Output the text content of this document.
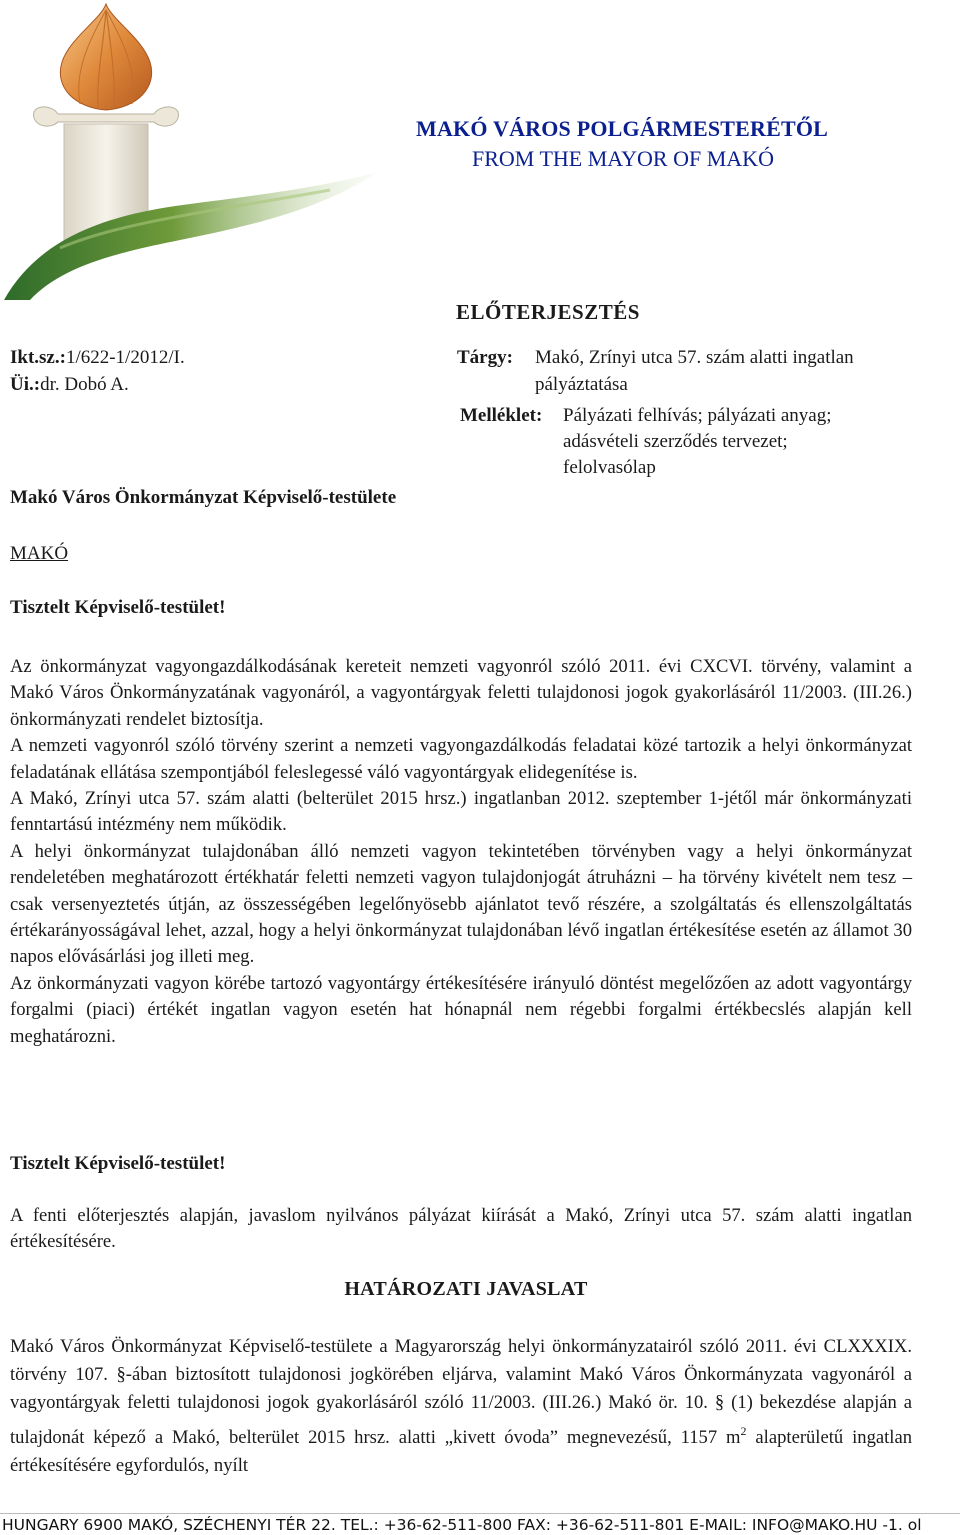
MAKÓ VÁROS POLGÁRMESTERÉTŐL
FROM THE MAYOR OF MAKÓ
ELŐTERJESZTÉS
Ikt.sz.:1/622-1/2012/I.
Üi.:dr. Dobó A.
Tárgy: Makó, Zrínyi utca 57. szám alatti ingatlan
pályáztatása
Melléklet: Pályázati felhívás; pályázati anyag;
adásvételi szerződés tervezet;
felolvasólap
Makó Város Önkormányzat Képviselő-testülete
MAKÓ
Tisztelt Képviselő-testület!

Az önkormányzat vagyongazdálkodásának kereteit nemzeti vagyonról szóló 2011. évi CXCVI. törvény, valamint a Makó Város Önkormányzatának vagyonáról, a vagyontárgyak feletti tulajdonosi jogok gyakorlásáról 11/2003. (III.26.) önkormányzati rendelet biztosítja.

A nemzeti vagyonról szóló törvény szerint a nemzeti vagyongazdálkodás feladatai közé tartozik a helyi önkormányzat feladatának ellátása szempontjából feleslegessé váló vagyontárgyak elidegenítése is.

A Makó, Zrínyi utca 57. szám alatti (belterület 2015 hrsz.) ingatlanban 2012. szeptember 1-jétől már önkormányzati fenntartású intézmény nem működik.

A helyi önkormányzat tulajdonában álló nemzeti vagyon tekintetében törvényben vagy a helyi önkormányzat rendeletében meghatározott értékhatár feletti nemzeti vagyon tulajdonjogát átruházni – ha törvény kivételt nem tesz – csak versenyeztetés útján, az összességében legelőnyösebb ajánlatot tevő részére, a szolgáltatás és ellenszolgáltatás értékarányosságával lehet, azzal, hogy a helyi önkormányzat tulajdonában lévő ingatlan értékesítése esetén az államot 30 napos elővásárlási jog illeti meg.

Az önkormányzati vagyon körébe tartozó vagyontárgy értékesítésére irányuló döntést megelőzően az adott vagyontárgy forgalmi (piaci) értékét ingatlan vagyon esetén hat hónapnál nem régebbi forgalmi értékbecslés alapján kell meghatározni.

Tisztelt Képviselő-testület!

A fenti előterjesztés alapján, javaslom nyilvános pályázat kiírását a Makó, Zrínyi utca 57. szám alatti ingatlan értékesítésére.

HATÁROZATI JAVASLAT

Makó Város Önkormányzat Képviselő-testülete a Magyarország helyi önkormányzatairól szóló 2011. évi CLXXXIX. törvény 107. §-ában biztosított tulajdonosi jogkörében eljárva, valamint Makó Város Önkormányzata vagyonáról a vagyontárgyak feletti tulajdonosi jogok gyakorlásáról szóló 11/2003. (III.26.) Makó ör. 10. § (1) bekezdése alapján a tulajdonát képező a Makó, belterület 2015 hrsz. alatti „kivett óvoda” megnevezésű, 1157 $m^2$ alapterületű ingatlan értékesítésére egyfordulós, nyílt

HUNGARY 6900 MAKÓ, SZÉCHENYI TÉR 22. TEL.: +36-62-511-800 FAX: +36-62-511-801 E-MAIL: INFO@MAKO.HU -1. ol
